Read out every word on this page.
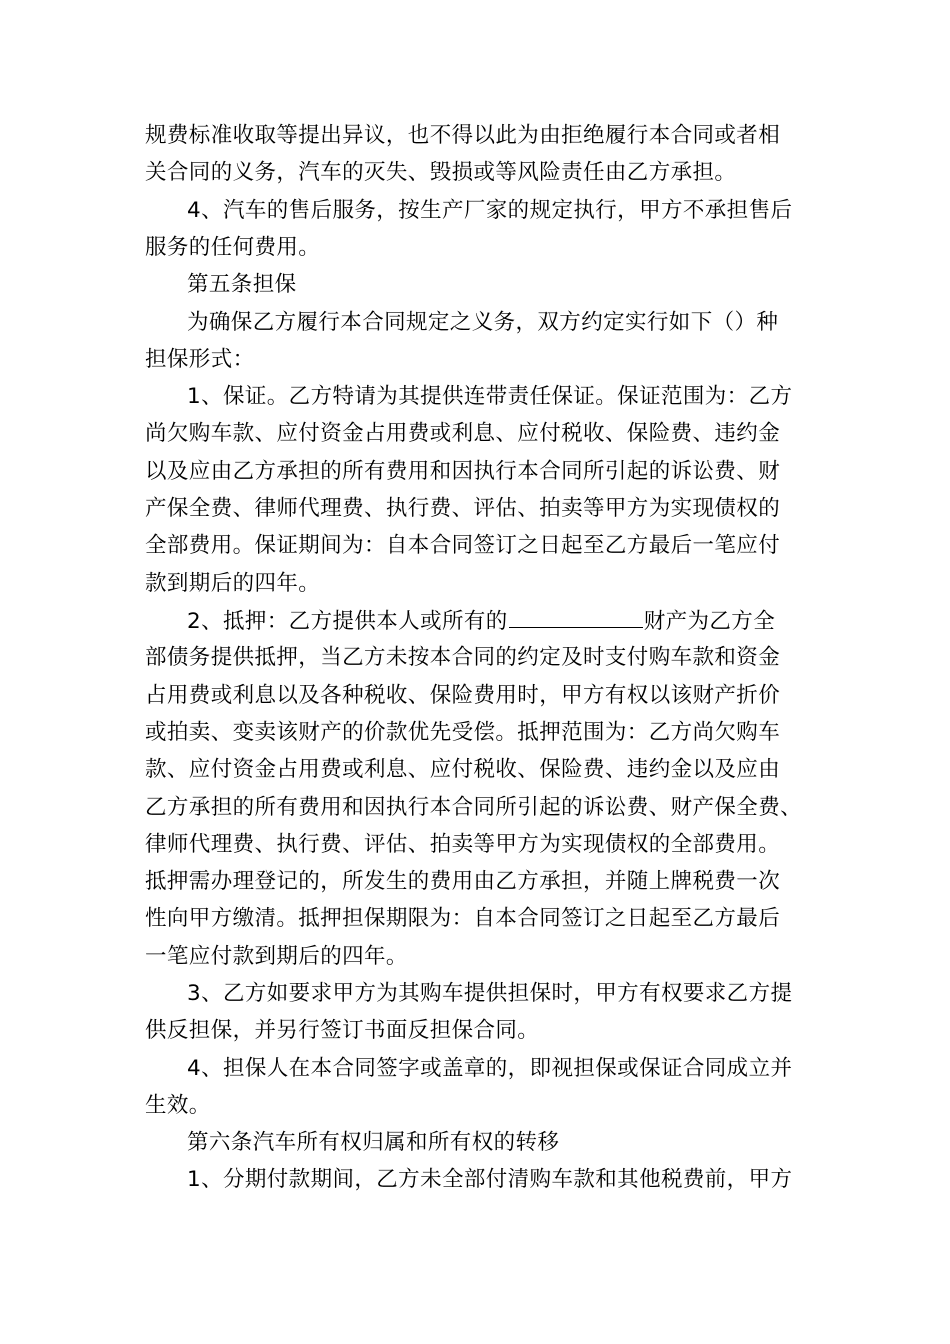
规费标准收取等提出异议，也不得以此为由拒绝履行本合同或者相
关合同的义务，汽车的灭失、毁损或等风险责任由乙方承担。
4、汽车的售后服务，按生产厂家的规定执行，甲方不承担售后
服务的任何费用。
第五条担保
为确保乙方履行本合同规定之义务，双方约定实行如下（）种
担保形式：
1、保证。乙方特请为其提供连带责任保证。保证范围为：乙方
尚欠购车款、应付资金占用费或利息、应付税收、保险费、违约金
以及应由乙方承担的所有费用和因执行本合同所引起的诉讼费、财
产保全费、律师代理费、执行费、评估、拍卖等甲方为实现债权的
全部费用。保证期间为：自本合同签订之日起至乙方最后一笔应付
款到期后的四年。
2、抵押：乙方提供本人或所有的	财产为乙方全
部债务提供抵押，当乙方未按本合同的约定及时支付购车款和资金
占用费或利息以及各种税收、保险费用时，甲方有权以该财产折价
或拍卖、变卖该财产的价款优先受偿。抵押范围为：乙方尚欠购车
款、应付资金占用费或利息、应付税收、保险费、违约金以及应由
乙方承担的所有费用和因执行本合同所引起的诉讼费、财产保全费、
律师代理费、执行费、评估、拍卖等甲方为实现债权的全部费用。
抵押需办理登记的，所发生的费用由乙方承担，并随上牌税费一次
性向甲方缴清。抵押担保期限为：自本合同签订之日起至乙方最后
一笔应付款到期后的四年。
3、乙方如要求甲方为其购车提供担保时，甲方有权要求乙方提
供反担保，并另行签订书面反担保合同。
4、担保人在本合同签字或盖章的，即视担保或保证合同成立并
生效。
第六条汽车所有权归属和所有权的转移
1、分期付款期间，乙方未全部付清购车款和其他税费前，甲方
